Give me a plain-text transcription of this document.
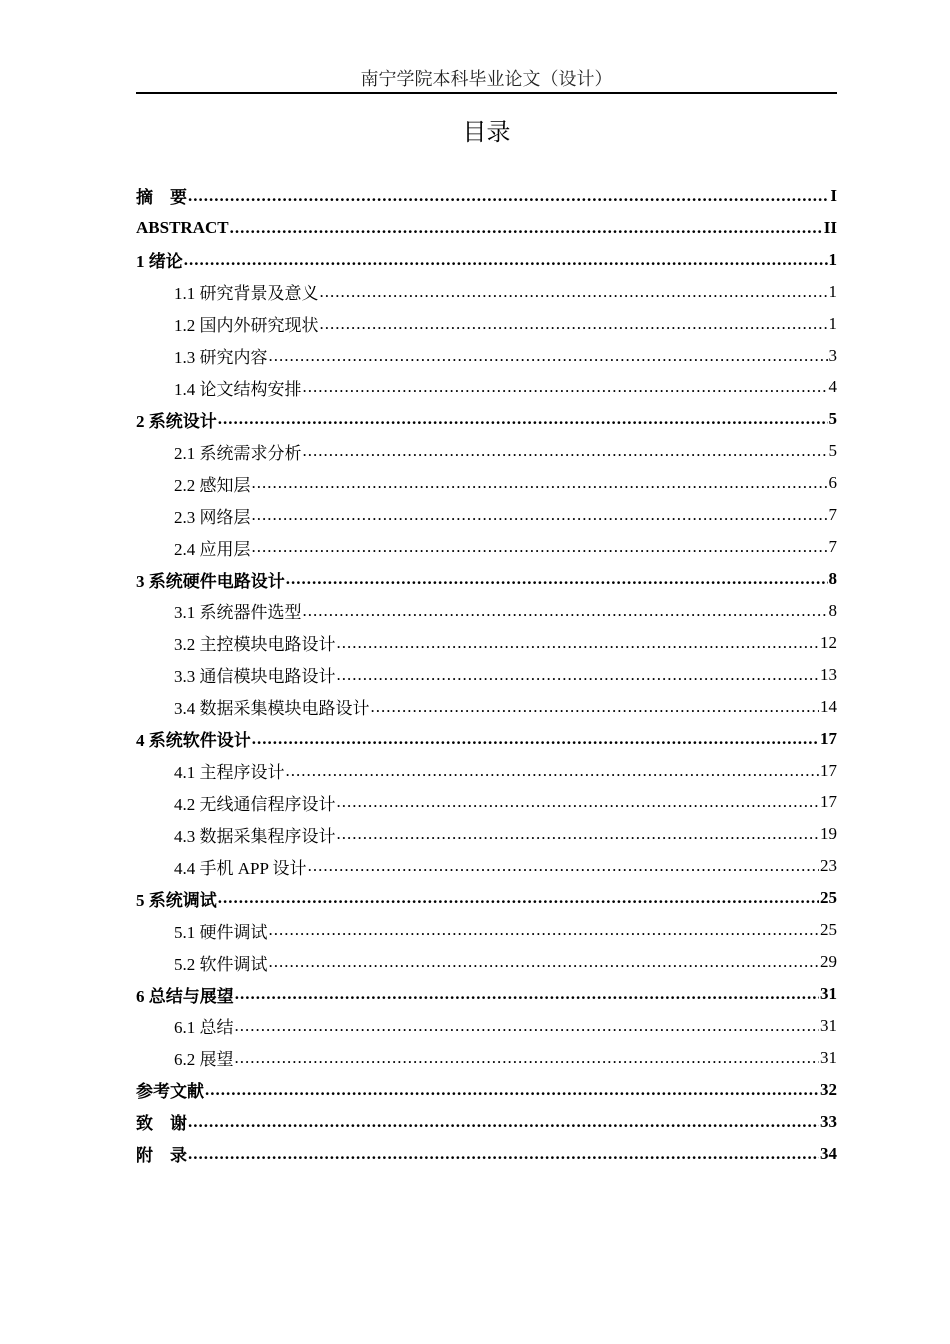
南宁学院本科毕业论文（设计）
目录
摘　要 .....	I
ABSTRACT .....	II
1 绪论 .....	1
1.1 研究背景及意义 .....	1
1.2 国内外研究现状 .....	1
1.3 研究内容 .....	3
1.4 论文结构安排 .....	4
2 系统设计 .....	5
2.1 系统需求分析 .....	5
2.2 感知层 .....	6
2.3 网络层 .....	7
2.4 应用层 .....	7
3 系统硬件电路设计 .....	8
3.1 系统器件选型 .....	8
3.2 主控模块电路设计 .....	12
3.3 通信模块电路设计 .....	13
3.4 数据采集模块电路设计 .....	14
4 系统软件设计 .....	17
4.1 主程序设计 .....	17
4.2 无线通信程序设计 .....	17
4.3 数据采集程序设计 .....	19
4.4 手机 APP 设计 .....	23
5 系统调试 .....	25
5.1 硬件调试 .....	25
5.2 软件调试 .....	29
6 总结与展望 .....	31
6.1 总结 .....	31
6.2 展望 .....	31
参考文献 .....	32
致　谢 .....	33
附　录 .....	34
